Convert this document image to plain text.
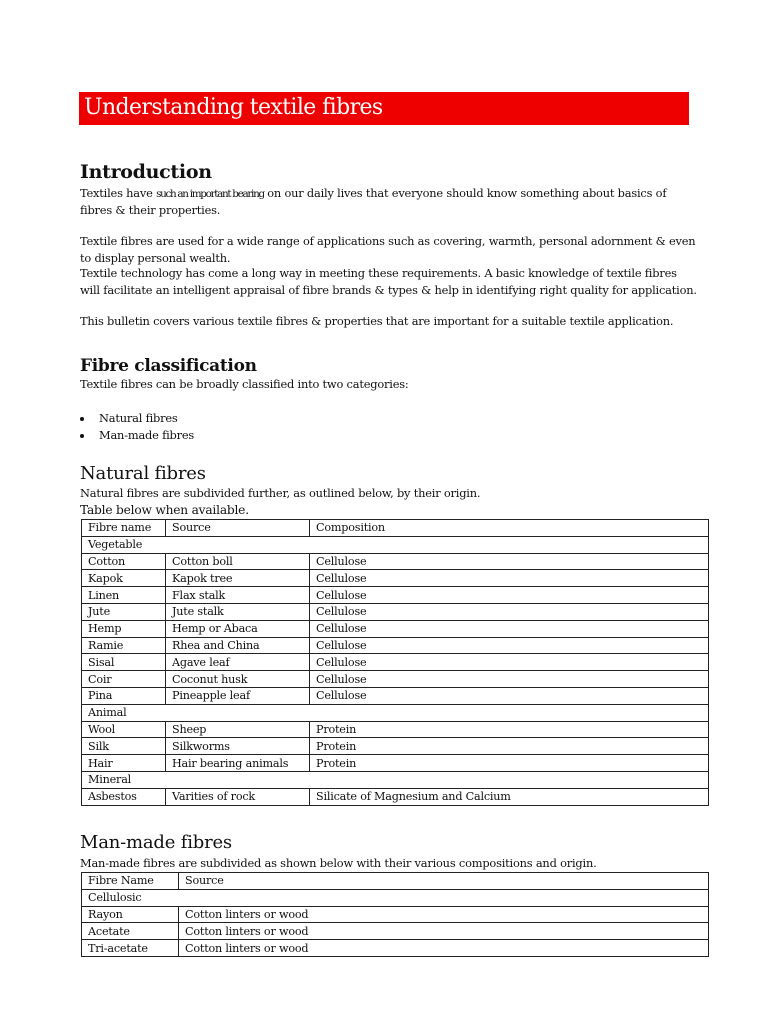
Understanding textile fibres
Introduction
Textiles have such an important bearing on our daily lives that everyone should know something about basics of
fibres & their properties.
Textile fibres are used for a wide range of applications such as covering, warmth, personal adornment & even
to display personal wealth.
Textile technology has come a long way in meeting these requirements. A basic knowledge of textile fibres
will facilitate an intelligent appraisal of fibre brands & types & help in identifying right quality for application.
This bulletin covers various textile fibres & properties that are important for a suitable textile application.
Fibre classification
Textile fibres can be broadly classified into two categories:
Natural fibres
Man-made fibres
Natural fibres
Natural fibres are subdivided further, as outlined below, by their origin.
Table below when available.
Fibre name	Source	Composition
Vegetable		
Cotton	Cotton boll	Cellulose
Kapok	Kapok tree	Cellulose
Linen	Flax stalk	Cellulose
Jute	Jute stalk	Cellulose
Hemp	Hemp or Abaca	Cellulose
Ramie	Rhea and China	Cellulose
Sisal	Agave leaf	Cellulose
Coir	Coconut husk	Cellulose
Pina	Pineapple leaf	Cellulose
Animal		
Wool	Sheep	Protein
Silk	Silkworms	Protein
Hair	Hair bearing animals	Protein
Mineral		
Asbestos	Varities of rock	Silicate of Magnesium and Calcium
Man-made fibres
Man-made fibres are subdivided as shown below with their various compositions and origin.
Fibre Name	Source
Cellulosic	
Rayon	Cotton linters or wood
Acetate	Cotton linters or wood
Tri-acetate	Cotton linters or wood
